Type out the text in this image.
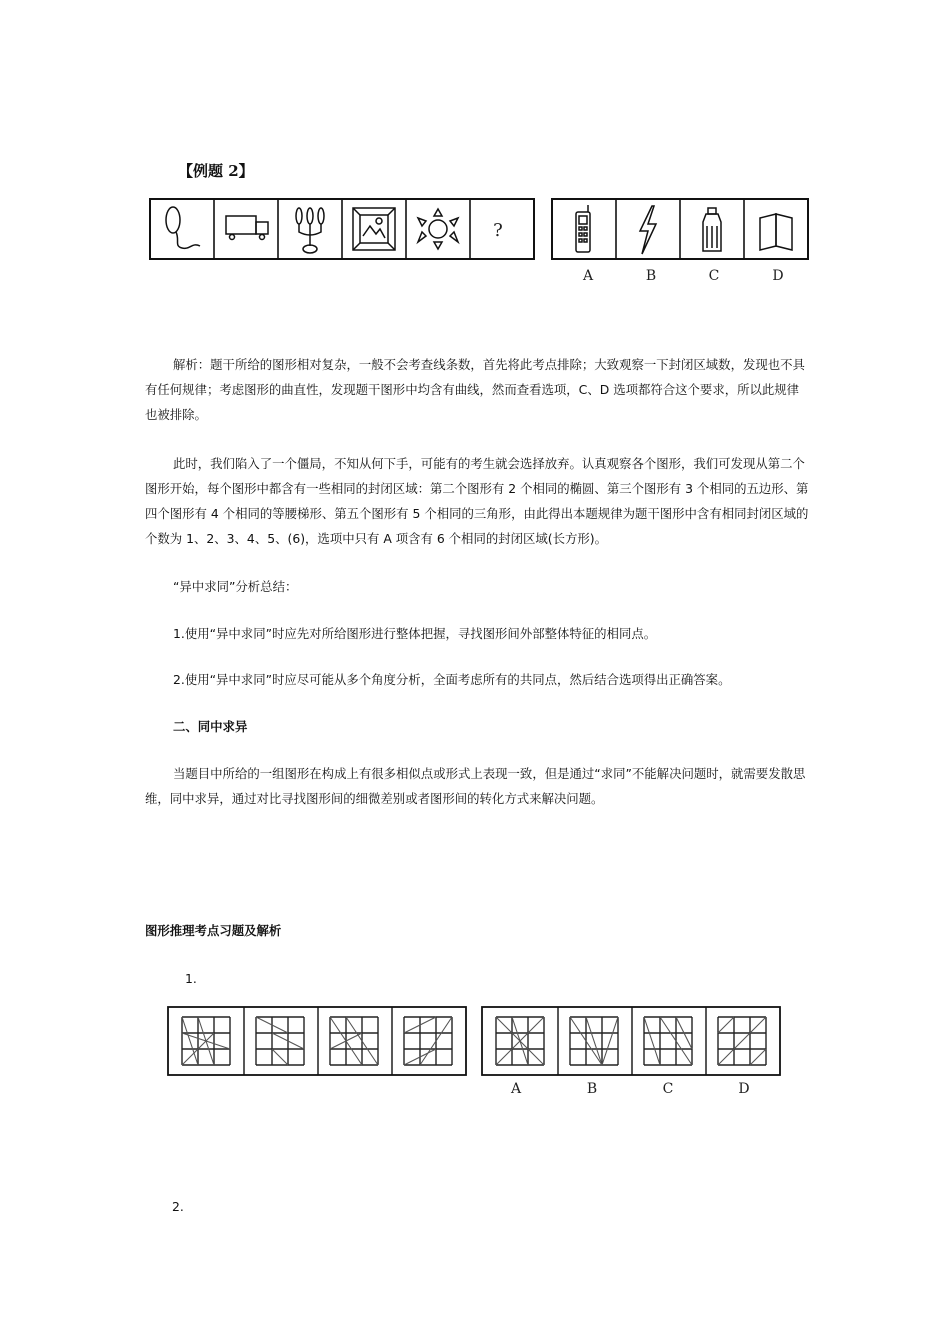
【例题 2】
?
A	B	C	D

解析：题干所给的图形相对复杂，一般不会考查线条数，首先将此考点排除；大致观察一下封闭区域数，发现也不具有任何规律；考虑图形的曲直性，发现题干图形中均含有曲线，然而查看选项，C、D 选项都符合这个要求，所以此规律也被排除。

此时，我们陷入了一个僵局，不知从何下手，可能有的考生就会选择放弃。认真观察各个图形，我们可发现从第二个图形开始，每个图形中都含有一些相同的封闭区域：第二个图形有 2 个相同的椭圆、第三个图形有 3 个相同的五边形、第四个图形有 4 个相同的等腰梯形、第五个图形有 5 个相同的三角形，由此得出本题规律为题干图形中含有相同封闭区域的个数为 1、2、3、4、5、(6)，选项中只有 A 项含有 6 个相同的封闭区域(长方形)。

“异中求同”分析总结：

1.使用“异中求同”时应先对所给图形进行整体把握，寻找图形间外部整体特征的相同点。

2.使用“异中求同”时应尽可能从多个角度分析，全面考虑所有的共同点，然后结合选项得出正确答案。

二、同中求异

当题目中所给的一组图形在构成上有很多相似点或形式上表现一致，但是通过“求同”不能解决问题时，就需要发散思维，同中求异，通过对比寻找图形间的细微差别或者图形间的转化方式来解决问题。

图形推理考点习题及解析

1.

A	B	C	D

2.
